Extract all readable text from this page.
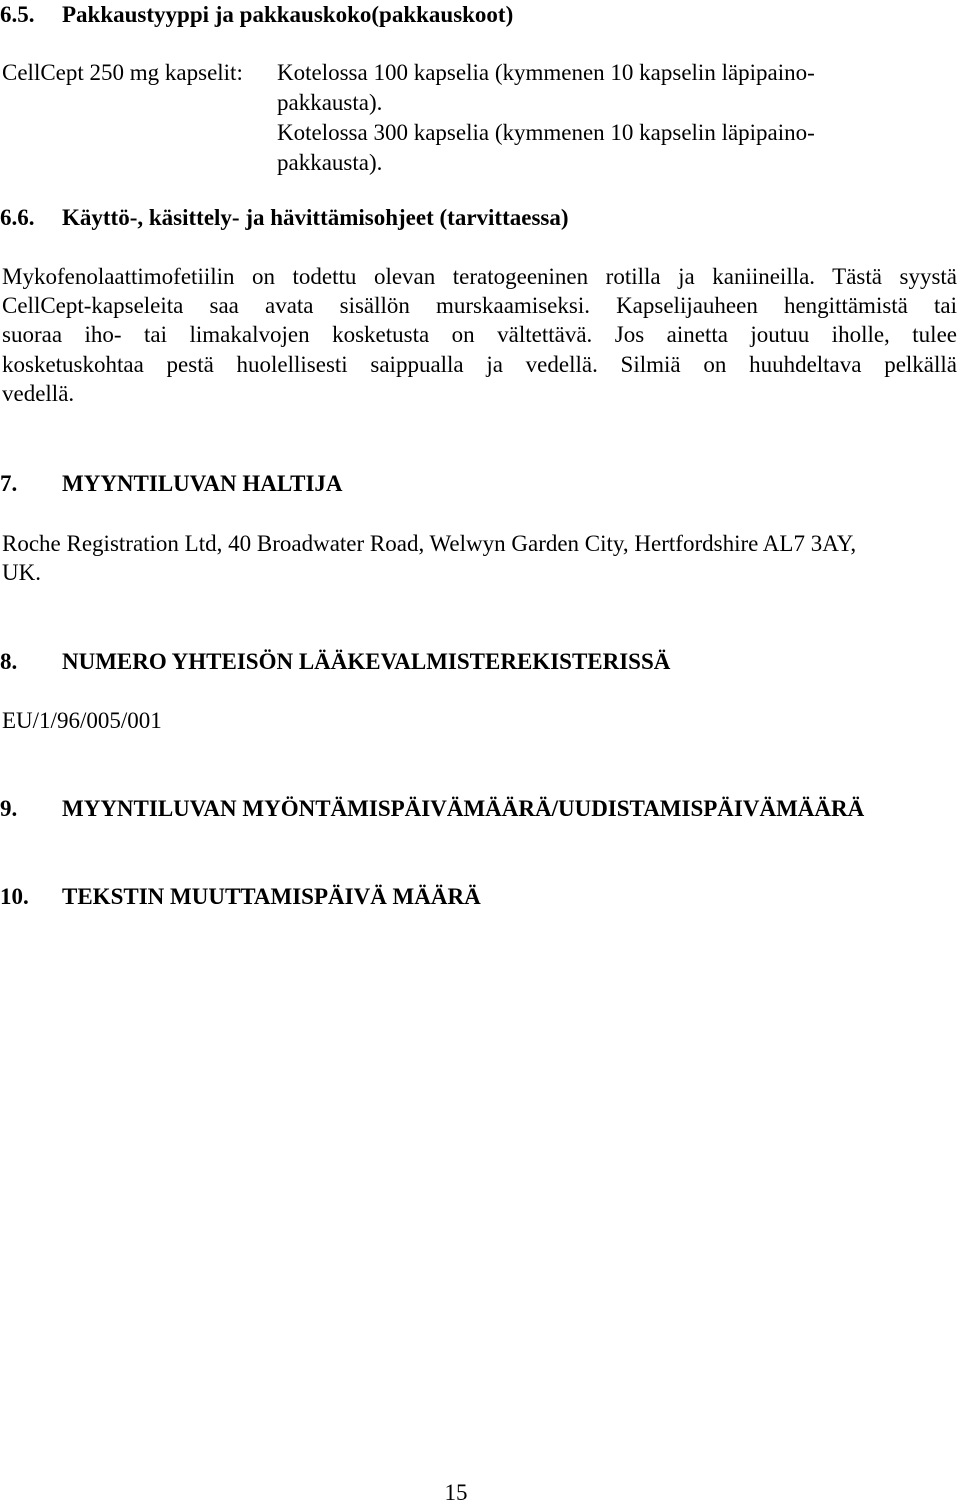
6.5. Pakkaustyyppi ja pakkauskoko(pakkauskoot)
CellCept 250 mg kapselit: Kotelossa 100 kapselia (kymmenen 10 kapselin läpipaino-
pakkausta).
Kotelossa 300 kapselia (kymmenen 10 kapselin läpipaino-
pakkausta).
6.6. Käyttö-, käsittely- ja hävittämisohjeet (tarvittaessa)
Mykofenolaattimofetiilin on todettu olevan teratogeeninen rotilla ja kaniineilla. Tästä syystä
CellCept-kapseleita saa avata sisällön murskaamiseksi. Kapselijauheen hengittämistä tai
suoraa iho- tai limakalvojen kosketusta on vältettävä. Jos ainetta joutuu iholle, tulee
kosketuskohtaa pestä huolellisesti saippualla ja vedellä. Silmiä on huuhdeltava pelkällä
vedellä.
7. MYYNTILUVAN HALTIJA
Roche Registration Ltd, 40 Broadwater Road, Welwyn Garden City, Hertfordshire AL7 3AY,
UK.
8. NUMERO YHTEISÖN LÄÄKEVALMISTEREKISTERISSÄ
EU/1/96/005/001
9. MYYNTILUVAN MYÖNTÄMISPÄIVÄMÄÄRÄ/UUDISTAMISPÄIVÄMÄÄRÄ
10. TEKSTIN MUUTTAMISPÄIVÄ MÄÄRÄ
15
